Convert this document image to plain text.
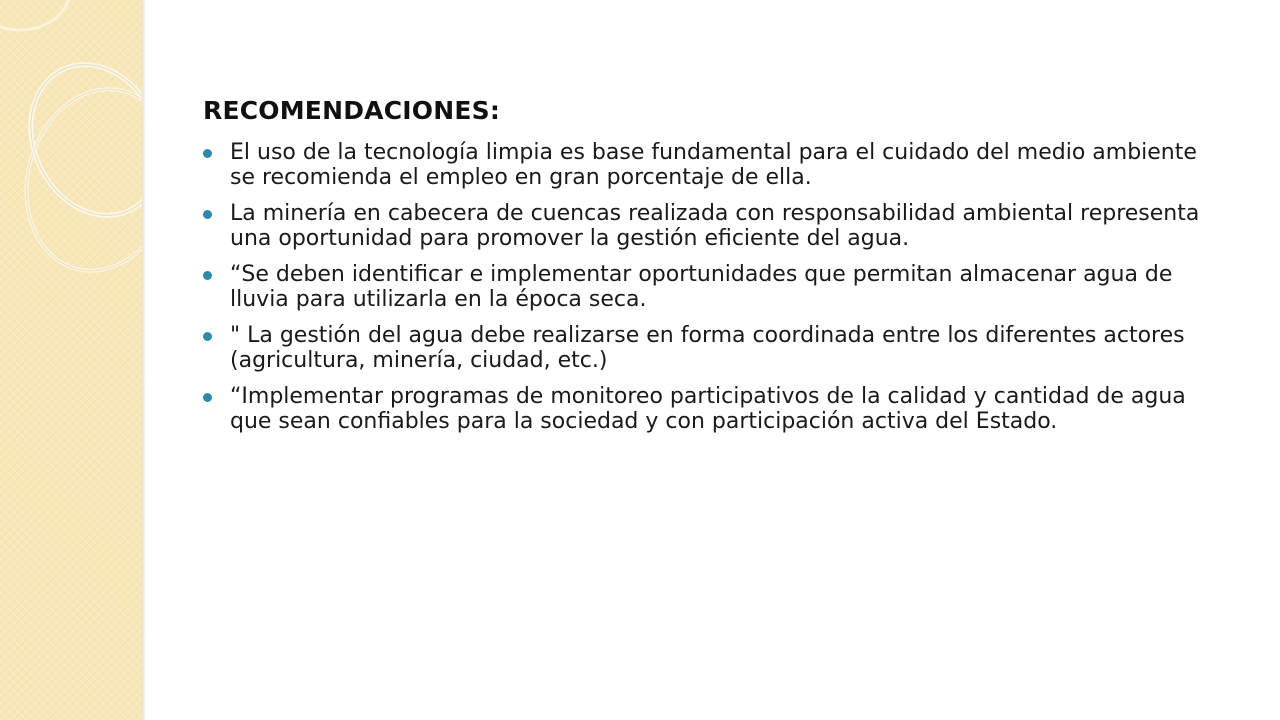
RECOMENDACIONES:
El uso de la tecnología limpia es base fundamental para el cuidado del medio ambiente se recomienda el empleo en gran porcentaje de ella.
La minería en cabecera de cuencas realizada con responsabilidad ambiental representa una oportunidad para promover la gestión eficiente del agua.
“Se deben identificar e implementar oportunidades que permitan almacenar agua de lluvia para utilizarla en la época seca.
" La gestión del agua debe realizarse en forma coordinada entre los diferentes actores (agricultura, minería, ciudad, etc.)
“Implementar programas de monitoreo participativos de la calidad y cantidad de agua que sean confiables para la sociedad y con participación activa del Estado.
